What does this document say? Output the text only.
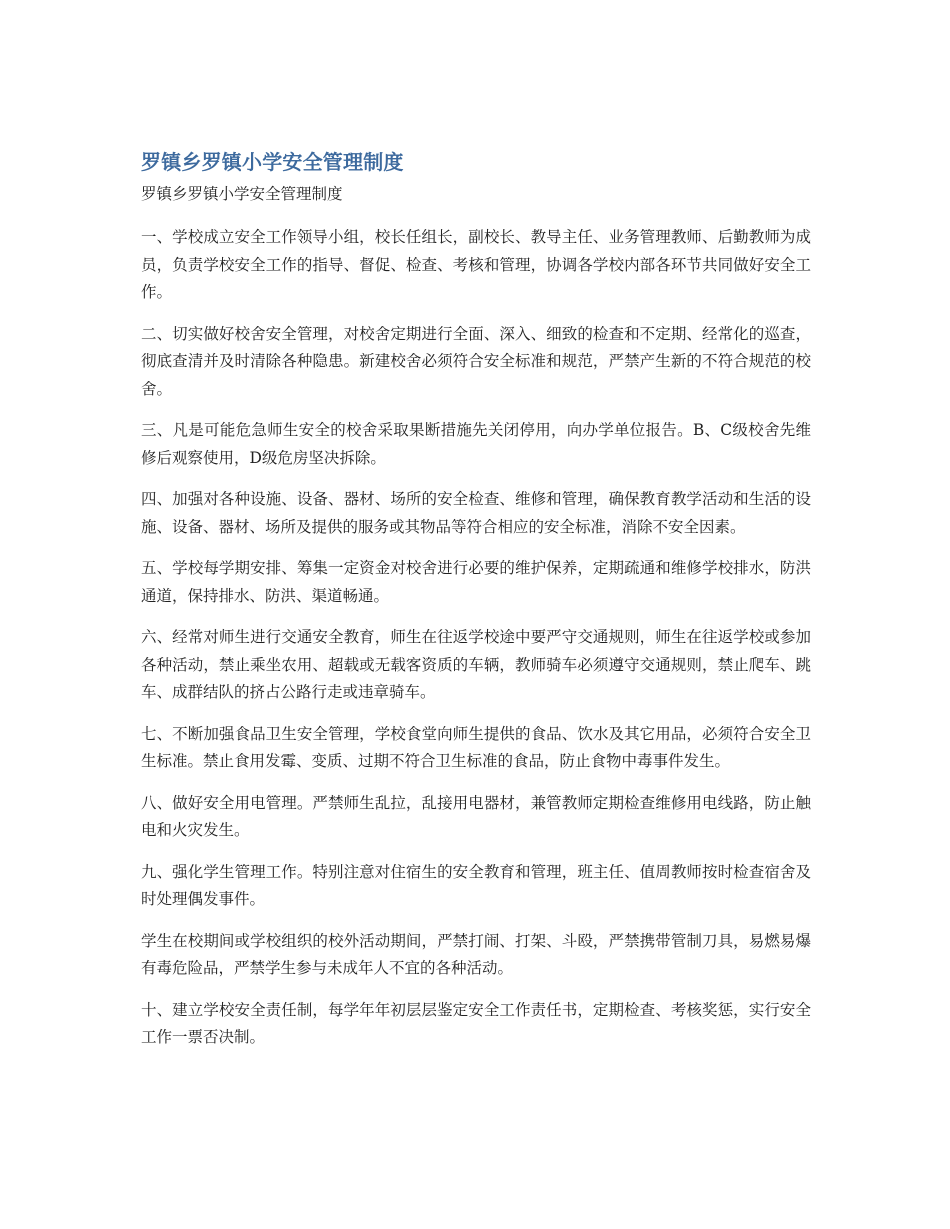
罗镇乡罗镇小学安全管理制度
罗镇乡罗镇小学安全管理制度

一、学校成立安全工作领导小组，校长任组长，副校长、教导主任、业务管理教师、后勤教师为成员，负责学校安全工作的指导、督促、检查、考核和管理，协调各学校内部各环节共同做好安全工作。

二、切实做好校舍安全管理，对校舍定期进行全面、深入、细致的检查和不定期、经常化的巡查，彻底查清并及时清除各种隐患。新建校舍必须符合安全标准和规范，严禁产生新的不符合规范的校舍。

三、凡是可能危急师生安全的校舍采取果断措施先关闭停用，向办学单位报告。B、C级校舍先维修后观察使用，D级危房坚决拆除。

四、加强对各种设施、设备、器材、场所的安全检查、维修和管理，确保教育教学活动和生活的设施、设备、器材、场所及提供的服务或其物品等符合相应的安全标准，消除不安全因素。

五、学校每学期安排、筹集一定资金对校舍进行必要的维护保养，定期疏通和维修学校排水，防洪通道，保持排水、防洪、渠道畅通。

六、经常对师生进行交通安全教育，师生在往返学校途中要严守交通规则，师生在往返学校或参加各种活动，禁止乘坐农用、超载或无载客资质的车辆，教师骑车必须遵守交通规则，禁止爬车、跳车、成群结队的挤占公路行走或违章骑车。

七、不断加强食品卫生安全管理，学校食堂向师生提供的食品、饮水及其它用品，必须符合安全卫生标准。禁止食用发霉、变质、过期不符合卫生标准的食品，防止食物中毒事件发生。

八、做好安全用电管理。严禁师生乱拉，乱接用电器材，兼管教师定期检查维修用电线路，防止触电和火灾发生。

九、强化学生管理工作。特别注意对住宿生的安全教育和管理，班主任、值周教师按时检查宿舍及时处理偶发事件。

学生在校期间或学校组织的校外活动期间，严禁打闹、打架、斗殴，严禁携带管制刀具，易燃易爆有毒危险品，严禁学生参与未成年人不宜的各种活动。

十、建立学校安全责任制，每学年年初层层鉴定安全工作责任书，定期检查、考核奖惩，实行安全工作一票否决制。
